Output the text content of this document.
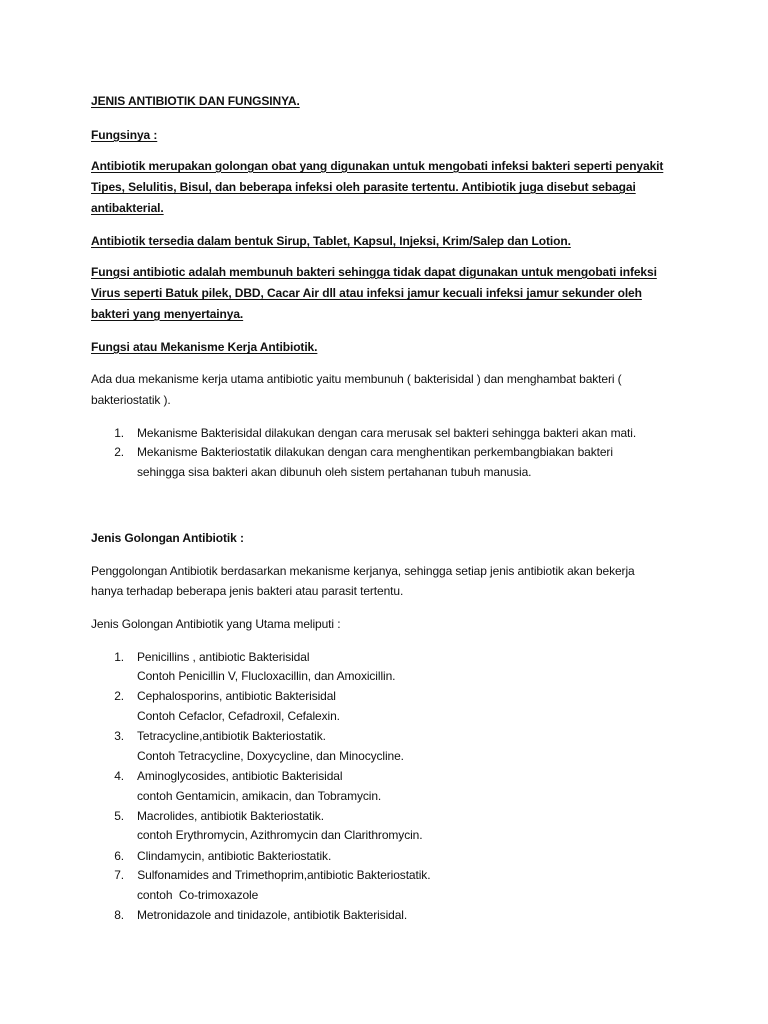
JENIS ANTIBIOTIK DAN FUNGSINYA.
Fungsinya :
Antibiotik merupakan golongan obat yang digunakan untuk mengobati infeksi bakteri seperti penyakit
Tipes, Selulitis, Bisul, dan beberapa infeksi oleh parasite tertentu. Antibiotik juga disebut sebagai
antibakterial.
Antibiotik tersedia dalam bentuk Sirup, Tablet, Kapsul, Injeksi, Krim/Salep dan Lotion.
Fungsi antibiotic adalah membunuh bakteri sehingga tidak dapat digunakan untuk mengobati infeksi
Virus seperti Batuk pilek, DBD, Cacar Air dll atau infeksi jamur kecuali infeksi jamur sekunder oleh
bakteri yang menyertainya.
Fungsi atau Mekanisme Kerja Antibiotik.
Ada dua mekanisme kerja utama antibiotic yaitu membunuh ( bakterisidal ) dan menghambat bakteri (
bakteriostatik ).
1. Mekanisme Bakterisidal dilakukan dengan cara merusak sel bakteri sehingga bakteri akan mati.
2. Mekanisme Bakteriostatik dilakukan dengan cara menghentikan perkembangbiakan bakteri
sehingga sisa bakteri akan dibunuh oleh sistem pertahanan tubuh manusia.
Jenis Golongan Antibiotik :
Penggolongan Antibiotik berdasarkan mekanisme kerjanya, sehingga setiap jenis antibiotik akan bekerja
hanya terhadap beberapa jenis bakteri atau parasit tertentu.
Jenis Golongan Antibiotik yang Utama meliputi :
1. Penicillins , antibiotic Bakterisidal
Contoh Penicillin V, Flucloxacillin, dan Amoxicillin.
2. Cephalosporins, antibiotic Bakterisidal
Contoh Cefaclor, Cefadroxil, Cefalexin.
3. Tetracycline,antibiotik Bakteriostatik.
Contoh Tetracycline, Doxycycline, dan Minocycline.
4. Aminoglycosides, antibiotic Bakterisidal
contoh Gentamicin, amikacin, dan Tobramycin.
5. Macrolides, antibiotik Bakteriostatik.
contoh Erythromycin, Azithromycin dan Clarithromycin.
6. Clindamycin, antibiotic Bakteriostatik.
7. Sulfonamides and Trimethoprim,antibiotic Bakteriostatik.
contoh  Co-trimoxazole
8. Metronidazole and tinidazole, antibiotik Bakterisidal.
